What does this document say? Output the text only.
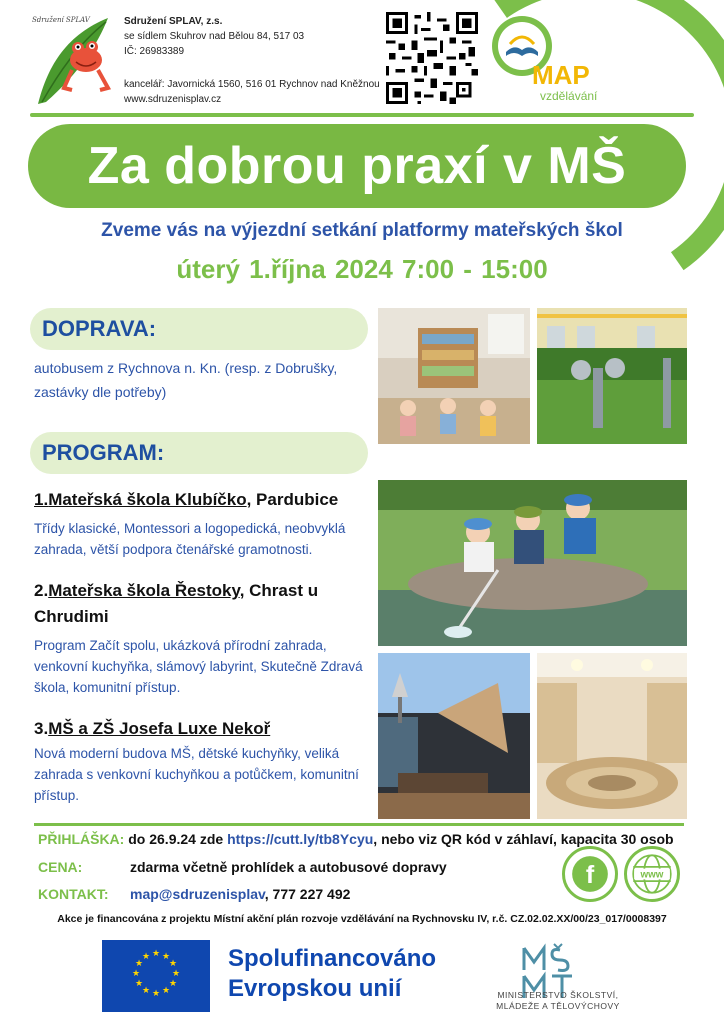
Sdružení SPLAV	Sdružení SPLAV, z.s.
se sídlem Skuhrov nad Bělou 84, 517 03
IČ: 26983389
kancelář: Javornická 1560, 516 01 Rychnov nad Kněžnou
www.sdruzenisplav.cz
MAP
vzdělávání
Za dobrou praxí v MŠ
Zveme vás na výjezdní setkání platformy mateřských škol
úterý 1.října 2024 7:00 - 15:00
DOPRAVA:
autobusem z Rychnova n. Kn. (resp. z Dobrušky, zastávky dle potřeby)
PROGRAM:
1.Mateřská škola Klubíčko, Pardubice
Třídy klasické, Montessori a logopedická, neobvyklá zahrada, větší podpora čtenářské gramotnosti.
2.Mateřska škola Řestoky, Chrast u Chrudimi
Program Začít spolu, ukázková přírodní zahrada, venkovní kuchyňka, slámový labyrint, Skutečně Zdravá škola, komunitní přístup.
3.MŠ a ZŠ Josefa Luxe Nekoř
Nová moderní budova MŠ, dětské kuchyňky, veliká zahrada s venkovní kuchyňkou a potůčkem, komunitní přístup.
PŘIHLÁŠKA: do 26.9.24 zde https://cutt.ly/tb8Ycyu, nebo viz QR kód v záhlaví, kapacita 30 osob
CENA:	zdarma včetně prohlídek a autobusové dopravy
KONTAKT: map@sdruzenisplav, 777 227 492
f	www
Akce je financována z projektu Místní akční plán rozvoje vzdělávání na Rychnovsku IV, r.č. CZ.02.02.XX/00/23_017/0008397
★ ★
★
★
★
★
★
★
★
★
★
★	Spolufinancováno
Evropskou unií	MINISTERSTVO ŠKOLSTVÍ,
MLÁDEŽE A TĚLOVÝCHOVY
